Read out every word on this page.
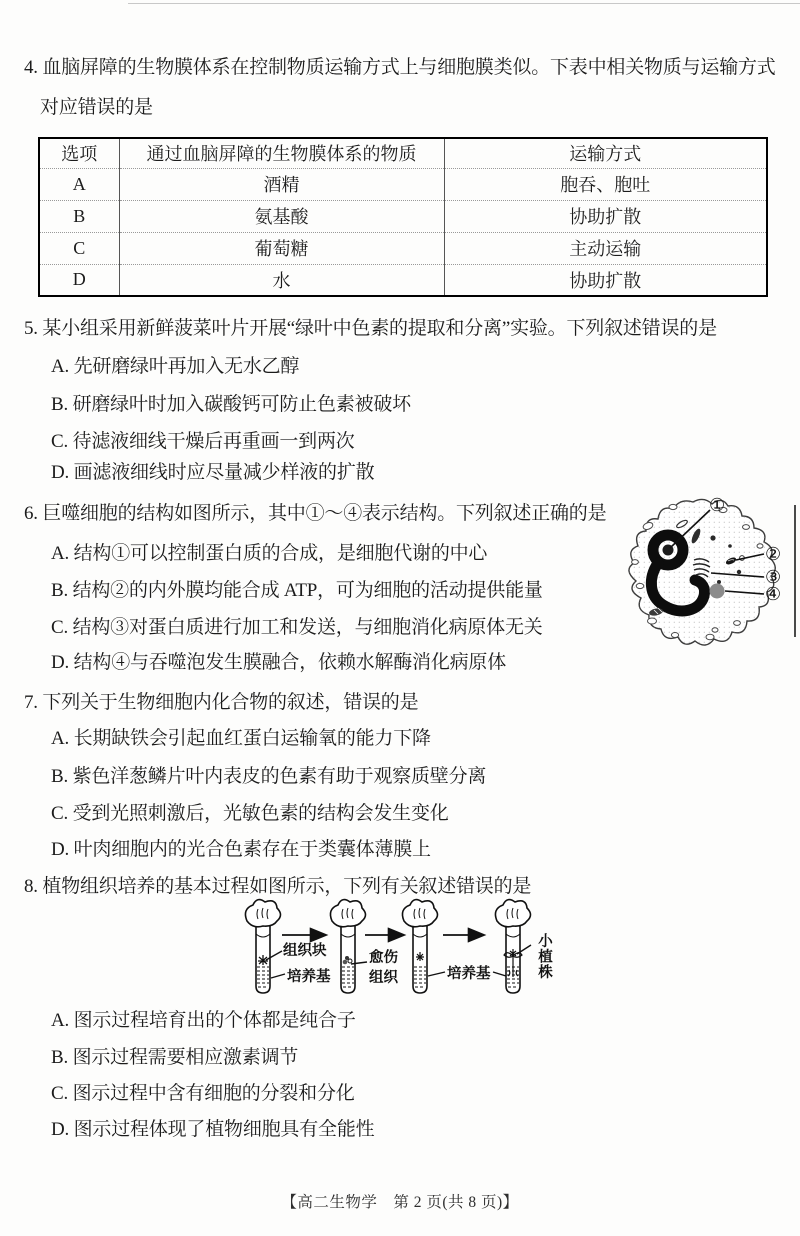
4. 血脑屏障的生物膜体系在控制物质运输方式上与细胞膜类似。下表中相关物质与运输方式
对应错误的是
选项	通过血脑屏障的生物膜体系的物质	运输方式
A	酒精	胞吞、胞吐
B	氨基酸	协助扩散
C	葡萄糖	主动运输
D	水	协助扩散
5. 某小组采用新鲜菠菜叶片开展“绿叶中色素的提取和分离”实验。下列叙述错误的是
A. 先研磨绿叶再加入无水乙醇
B. 研磨绿叶时加入碳酸钙可防止色素被破坏
C. 待滤液细线干燥后再重画一到两次
D. 画滤液细线时应尽量减少样液的扩散
6. 巨噬细胞的结构如图所示，其中①～④表示结构。下列叙述正确的是
A. 结构①可以控制蛋白质的合成，是细胞代谢的中心
B. 结构②的内外膜均能合成 ATP，可为细胞的活动提供能量
C. 结构③对蛋白质进行加工和发送，与细胞消化病原体无关
D. 结构④与吞噬泡发生膜融合，依赖水解酶消化病原体
①
②
③
④
7. 下列关于生物细胞内化合物的叙述，错误的是
A. 长期缺铁会引起血红蛋白运输氧的能力下降
B. 紫色洋葱鳞片叶内表皮的色素有助于观察质壁分离
C. 受到光照刺激后，光敏色素的结构会发生变化
D. 叶肉细胞内的光合色素存在于类囊体薄膜上
8. 植物组织培养的基本过程如图所示，下列有关叙述错误的是
组织块
培养基
愈伤组织	培养基	小植株
A. 图示过程培育出的个体都是纯合子
B. 图示过程需要相应激素调节
C. 图示过程中含有细胞的分裂和分化
D. 图示过程体现了植物细胞具有全能性
【高二生物学　第 2 页(共 8 页)】
